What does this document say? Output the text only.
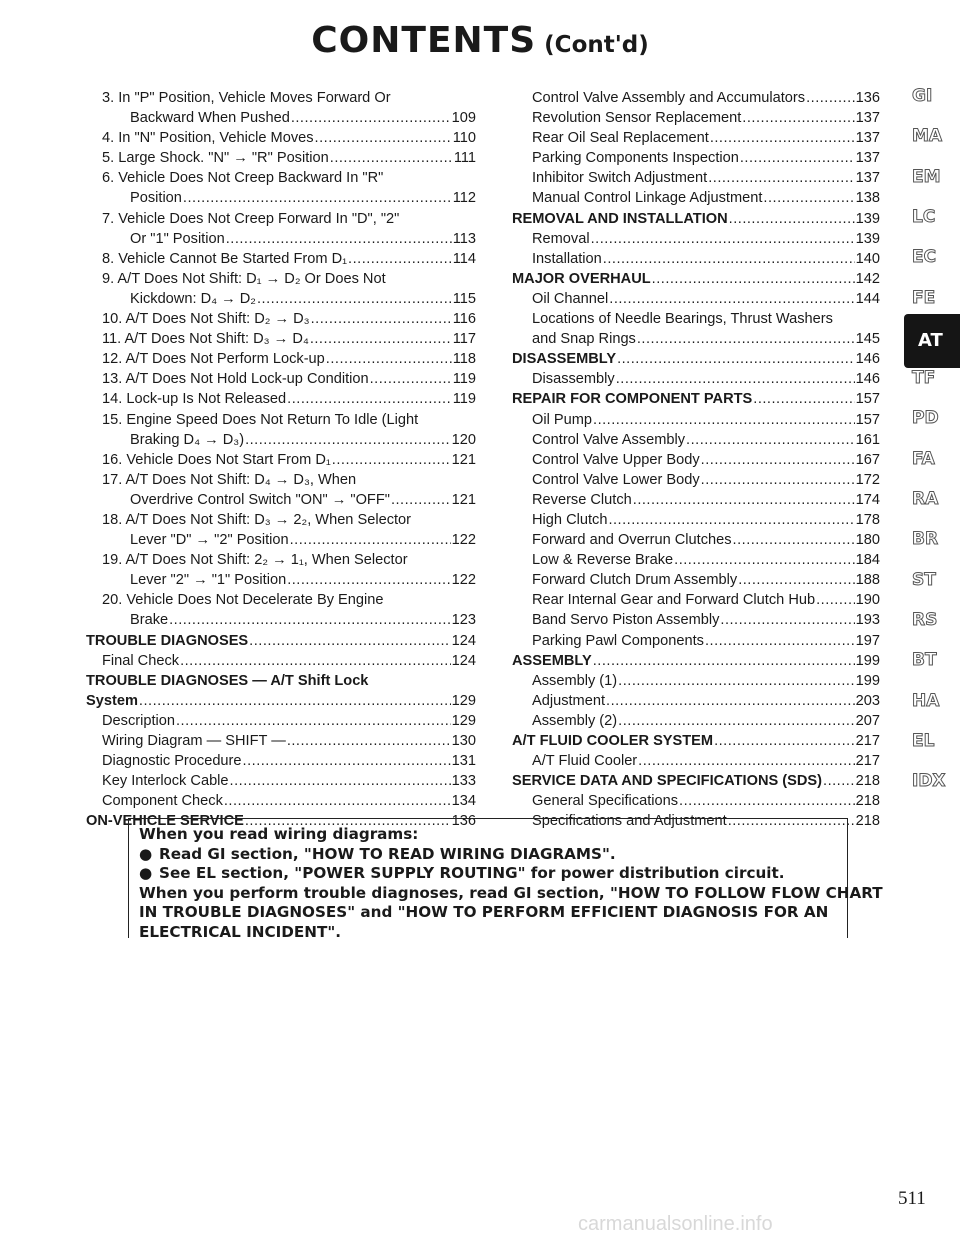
CONTENTS (Cont'd)
3. In "P" Position, Vehicle Moves Forward Or
Backward When Pushed .....	109
4. In "N" Position, Vehicle Moves .....	110
5. Large Shock. "N" → "R" Position .....	111
6. Vehicle Does Not Creep Backward In "R"
Position .....	112
7. Vehicle Does Not Creep Forward In "D", "2"
Or "1" Position .....	113
8. Vehicle Cannot Be Started From D₁ .....	114
9. A/T Does Not Shift: D₁ → D₂ Or Does Not
Kickdown: D₄ → D₂ .....	115
10. A/T Does Not Shift: D₂ → D₃ .....	116
11. A/T Does Not Shift: D₃ → D₄ .....	117
12. A/T Does Not Perform Lock-up .....	118
13. A/T Does Not Hold Lock-up Condition .....	119
14. Lock-up Is Not Released .....	119
15. Engine Speed Does Not Return To Idle (Light
Braking D₄ → D₃) .....	120
16. Vehicle Does Not Start From D₁ .....	121
17. A/T Does Not Shift: D₄ → D₃, When
Overdrive Control Switch "ON" → "OFF" .....	121
18. A/T Does Not Shift: D₃ → 2₂, When Selector
Lever "D" → "2" Position .....	122
19. A/T Does Not Shift: 2₂ → 1₁, When Selector
Lever "2" → "1" Position .....	122
20. Vehicle Does Not Decelerate By Engine
Brake .....	123
TROUBLE DIAGNOSES .....	124
Final Check .....	124
TROUBLE DIAGNOSES — A/T Shift Lock
System .....	129
Description .....	129
Wiring Diagram — SHIFT — .....	130
Diagnostic Procedure .....	131
Key Interlock Cable .....	133
Component Check .....	134
ON-VEHICLE SERVICE .....	136
Control Valve Assembly and Accumulators .....	136
Revolution Sensor Replacement .....	137
Rear Oil Seal Replacement .....	137
Parking Components Inspection .....	137
Inhibitor Switch Adjustment .....	137
Manual Control Linkage Adjustment .....	138
REMOVAL AND INSTALLATION .....	139
Removal .....	139
Installation .....	140
MAJOR OVERHAUL .....	142
Oil Channel .....	144
Locations of Needle Bearings, Thrust Washers
and Snap Rings .....	145
DISASSEMBLY .....	146
Disassembly .....	146
REPAIR FOR COMPONENT PARTS .....	157
Oil Pump .....	157
Control Valve Assembly .....	161
Control Valve Upper Body .....	167
Control Valve Lower Body .....	172
Reverse Clutch .....	174
High Clutch .....	178
Forward and Overrun Clutches .....	180
Low & Reverse Brake .....	184
Forward Clutch Drum Assembly .....	188
Rear Internal Gear and Forward Clutch Hub .....	190
Band Servo Piston Assembly .....	193
Parking Pawl Components .....	197
ASSEMBLY .....	199
Assembly (1) .....	199
Adjustment .....	203
Assembly (2) .....	207
A/T FLUID COOLER SYSTEM .....	217
A/T Fluid Cooler .....	217
SERVICE DATA AND SPECIFICATIONS (SDS) ..... 218
General Specifications .....	218
Specifications and Adjustment .....	218
When you read wiring diagrams:
● Read GI section, "HOW TO READ WIRING DIAGRAMS".
● See EL section, "POWER SUPPLY ROUTING" for power distribution circuit.
When you perform trouble diagnoses, read GI section, "HOW TO FOLLOW FLOW CHART
IN TROUBLE DIAGNOSES" and "HOW TO PERFORM EFFICIENT DIAGNOSIS FOR AN
ELECTRICAL INCIDENT".
GI
MA
EM
LC
EC
FE
AT
TF
PD
FA
RA
BR
ST
RS
BT
HA
EL
IDX
511
carmanualsonline.info
